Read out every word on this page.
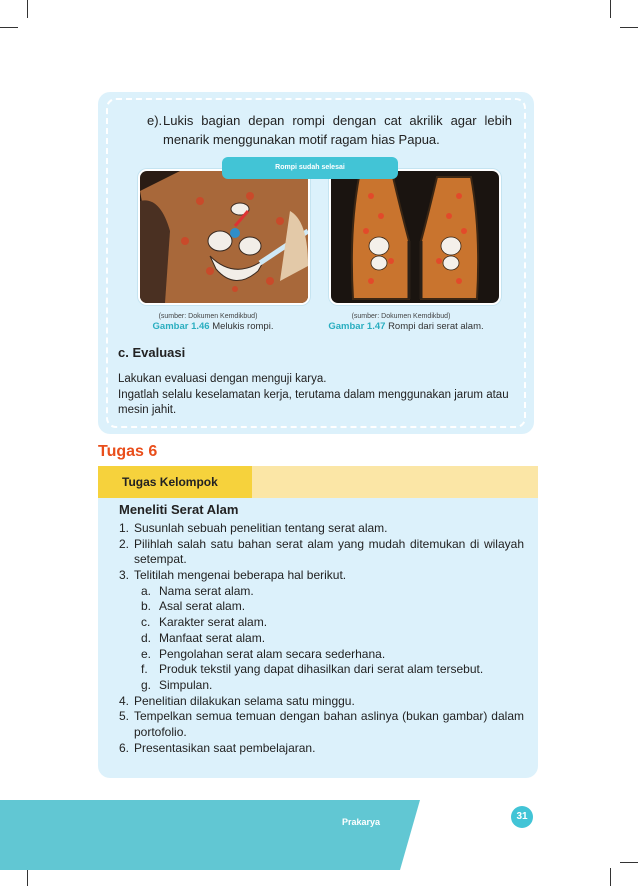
e). Lukis bagian depan rompi dengan cat akrilik agar lebih menarik menggunakan motif ragam hias Papua.
Rompi sudah selesai
(sumber: Dokumen Kemdikbud)
Gambar 1.46 Melukis rompi.
(sumber: Dokumen Kemdikbud)
Gambar 1.47 Rompi dari serat alam.
c. Evaluasi
Lakukan evaluasi dengan menguji karya.
Ingatlah selalu keselamatan kerja, terutama dalam menggunakan jarum atau mesin jahit.
Tugas 6
Tugas Kelompok
Meneliti Serat Alam
1. Susunlah sebuah penelitian tentang serat alam.
2. Pilihlah salah satu bahan serat alam yang mudah ditemukan di wilayah setempat.
3. Telitilah mengenai beberapa hal berikut.
a. Nama serat alam.
b. Asal serat alam.
c. Karakter serat alam.
d. Manfaat serat alam.
e. Pengolahan serat alam secara sederhana.
f. Produk tekstil yang dapat dihasilkan dari serat alam tersebut.
g. Simpulan.
4. Penelitian dilakukan selama satu minggu.
5. Tempelkan semua temuan dengan bahan aslinya (bukan gambar) dalam portofolio.
6. Presentasikan saat pembelajaran.
Prakarya	31
